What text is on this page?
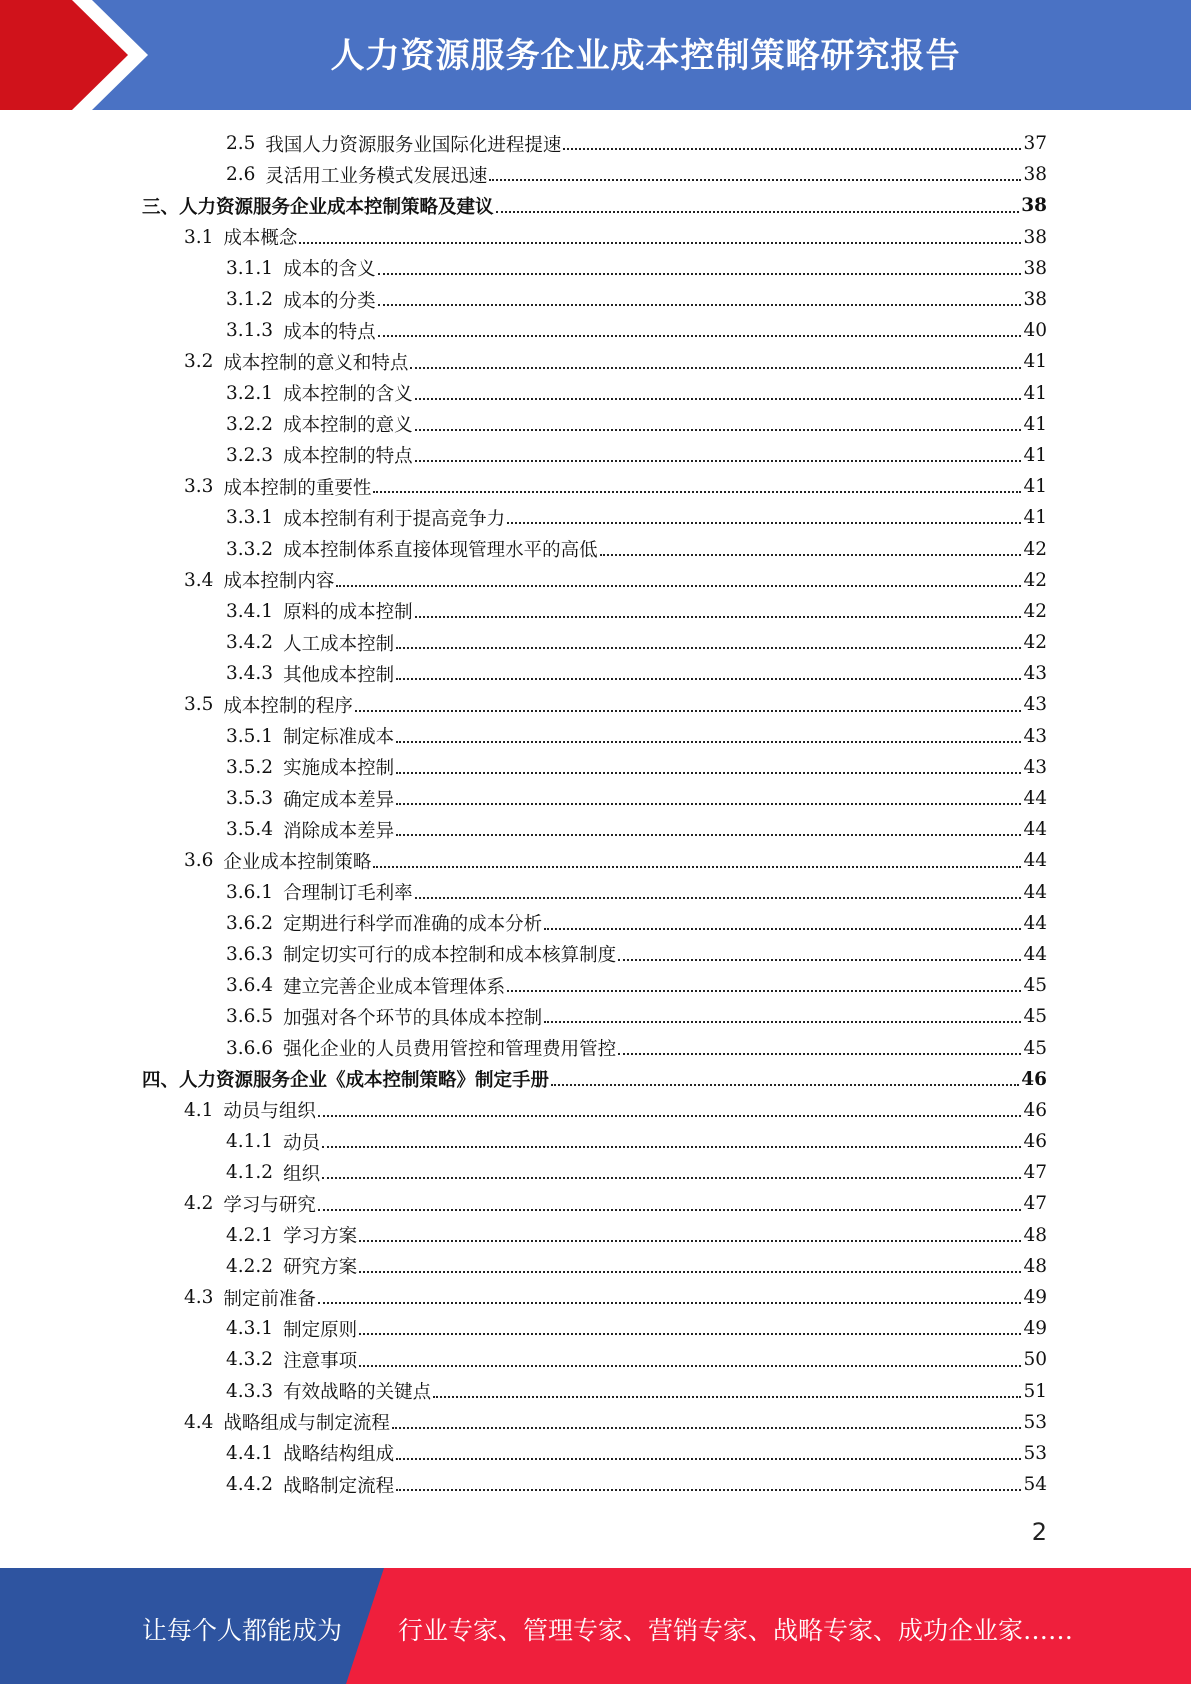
人力资源服务企业成本控制策略研究报告
2.5 我国人力资源服务业国际化进程提速	37
2.6 灵活用工业务模式发展迅速	38
三、人力资源服务企业成本控制策略及建议	38
3.1 成本概念	38
3.1.1 成本的含义	38
3.1.2 成本的分类	38
3.1.3 成本的特点	40
3.2 成本控制的意义和特点	41
3.2.1 成本控制的含义	41
3.2.2 成本控制的意义	41
3.2.3 成本控制的特点	41
3.3 成本控制的重要性	41
3.3.1 成本控制有利于提高竞争力	41
3.3.2 成本控制体系直接体现管理水平的高低	42
3.4 成本控制内容	42
3.4.1 原料的成本控制	42
3.4.2 人工成本控制	42
3.4.3 其他成本控制	43
3.5 成本控制的程序	43
3.5.1 制定标准成本	43
3.5.2 实施成本控制	43
3.5.3 确定成本差异	44
3.5.4 消除成本差异	44
3.6 企业成本控制策略	44
3.6.1 合理制订毛利率	44
3.6.2 定期进行科学而准确的成本分析	44
3.6.3 制定切实可行的成本控制和成本核算制度	44
3.6.4 建立完善企业成本管理体系	45
3.6.5 加强对各个环节的具体成本控制	45
3.6.6 强化企业的人员费用管控和管理费用管控	45
四、人力资源服务企业《成本控制策略》制定手册	46
4.1 动员与组织	46
4.1.1 动员	46
4.1.2 组织	47
4.2 学习与研究	47
4.2.1 学习方案	48
4.2.2 研究方案	48
4.3 制定前准备	49
4.3.1 制定原则	49
4.3.2 注意事项	50
4.3.3 有效战略的关键点	51
4.4 战略组成与制定流程	53
4.4.1 战略结构组成	53
4.4.2 战略制定流程	54
2
让每个人都能成为 行业专家、管理专家、营销专家、战略专家、成功企业家……
